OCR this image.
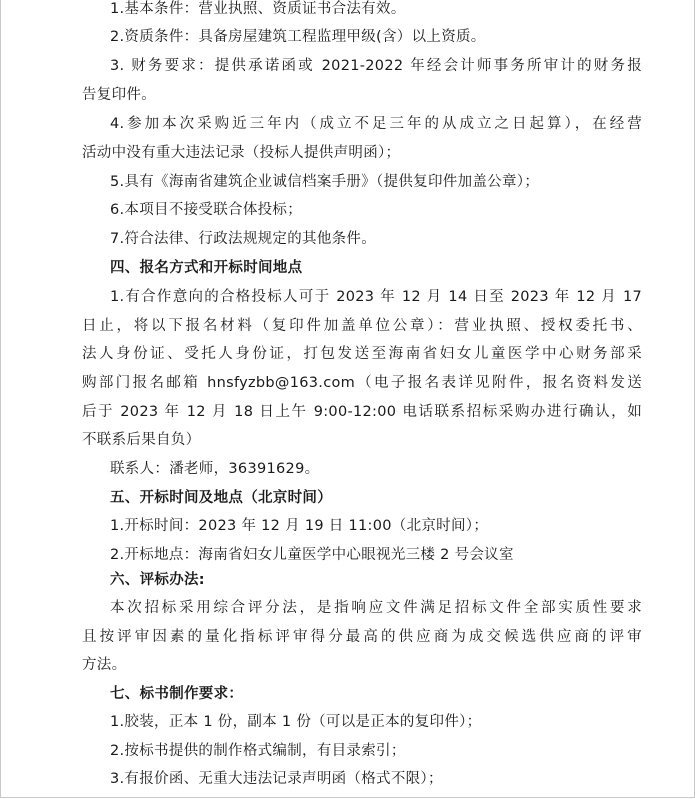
1.基本条件：营业执照、资质证书合法有效。
2.资质条件：具备房屋建筑工程监理甲级(含）以上资质。
3. 财务要求：提供承诺函或 2021-2022 年经会计师事务所审计的财务报
告复印件。
4.参加本次采购近三年内（成立不足三年的从成立之日起算），在经营
活动中没有重大违法记录（投标人提供声明函）；
5.具有《海南省建筑企业诚信档案手册》（提供复印件加盖公章）；
6.本项目不接受联合体投标；
7.符合法律、行政法规规定的其他条件。
四、报名方式和开标时间地点
1.有合作意向的合格投标人可于 2023 年 12 月 14 日至 2023 年 12 月 17
日止，将以下报名材料（复印件加盖单位公章）：营业执照、授权委托书、
法人身份证、受托人身份证，打包发送至海南省妇女儿童医学中心财务部采
购部门报名邮箱 hnsfyzbb@163.com（电子报名表详见附件，报名资料发送
后于 2023 年 12 月 18 日上午 9:00-12:00 电话联系招标采购办进行确认，如
不联系后果自负）
联系人：潘老师，36391629。
五、开标时间及地点（北京时间）
1.开标时间：2023 年 12 月 19 日 11:00（北京时间）；
2.开标地点：海南省妇女儿童医学中心眼视光三楼 2 号会议室
六、评标办法:
本次招标采用综合评分法，是指响应文件满足招标文件全部实质性要求
且按评审因素的量化指标评审得分最高的供应商为成交候选供应商的评审
方法。
七、标书制作要求：
1.胶装，正本 1 份，副本 1 份（可以是正本的复印件）；
2.按标书提供的制作格式编制，有目录索引；
3.有报价函、无重大违法记录声明函（格式不限）；
